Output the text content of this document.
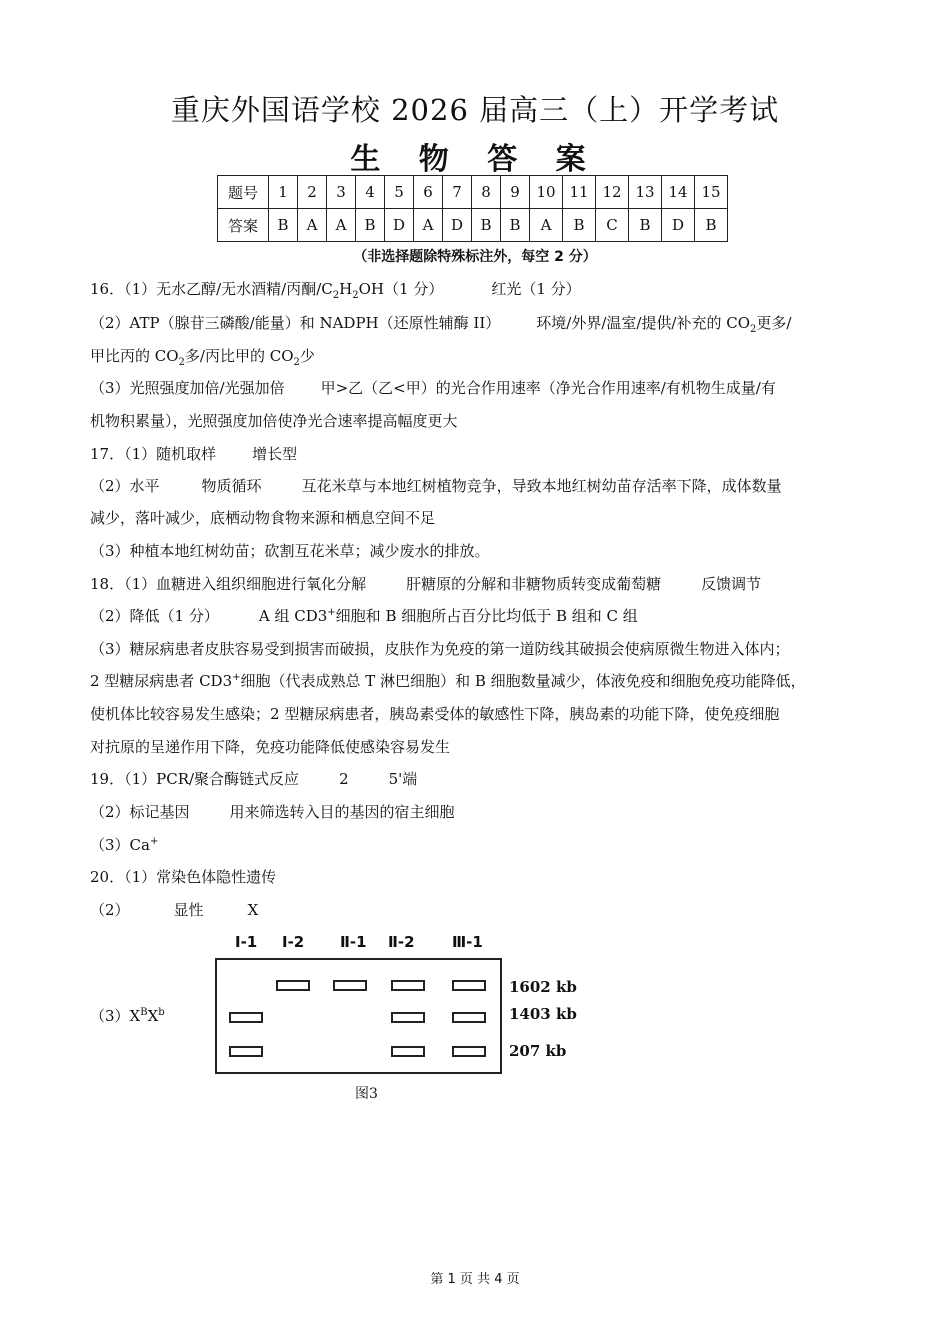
重庆外国语学校 2026 届高三（上）开学考试
生 物 答 案
题号	1	2	3	4	5	6	7	8	9	10	11	12	13	14	15
答案	B	A	A	B	D	A	D	B	B	A	B	C	B	D	B
（非选择题除特殊标注外，每空 2 分）
16．（1）无水乙醇/无水酒精/丙酮$/C_2H_2OH(1$ 分）	红光（1 分）
（2）ATP（腺苷三磷酸/能量）和 NADPH（还原性辅酶 II） 环境/外界/温室/提供/补充的 $CO_2$更多/
甲比丙的 $CO_2$多/丙比甲的 $CO_2$少
（3）光照强度加倍/光强加倍 甲>乙（乙<甲）的光合作用速率（净光合作用速率/有机物生成量/有
机物积累量），光照强度加倍使净光合速率提高幅度更大
17．（1）随机取样 增长型
（2）水平	物质循环	互花米草与本地红树植物竞争，导致本地红树幼苗存活率下降，成体数量
减少，落叶减少，底栖动物食物来源和栖息空间不足
（3）种植本地红树幼苗；砍割互花米草；减少废水的排放。
18．（1）血糖进入组织细胞进行氧化分解	肝糖原的分解和非糖物质转变成葡萄糖	反馈调节
（2）降低（1 分）	A 组 CD3+细胞和 B 细胞所占百分比均低于 B 组和 C 组
（3）糖尿病患者皮肤容易受到损害而破损，皮肤作为免疫的第一道防线其破损会使病原微生物进入体内；
2 型糖尿病患者 CD3+细胞（代表成熟总 T 淋巴细胞）和 B 细胞数量减少，体液免疫和细胞免疫功能降低，
使机体比较容易发生感染；2 型糖尿病患者，胰岛素受体的敏感性下降，胰岛素的功能下降，使免疫细胞
对抗原的呈递作用下降，免疫功能降低使感染容易发生
19．（1）PCR/聚合酶链式反应	2	5'端
（2）标记基因	用来筛选转入目的基因的宿主细胞
（3）Ca+
20．（1）常染色体隐性遗传
（2）	显性	X
$(3)X^BX^b$
Ⅰ-1 Ⅰ-2 Ⅱ-1 Ⅱ-2 Ⅲ-1
1602 kb
1403 kb
207 kb
图3
第 1 页 共 4 页
